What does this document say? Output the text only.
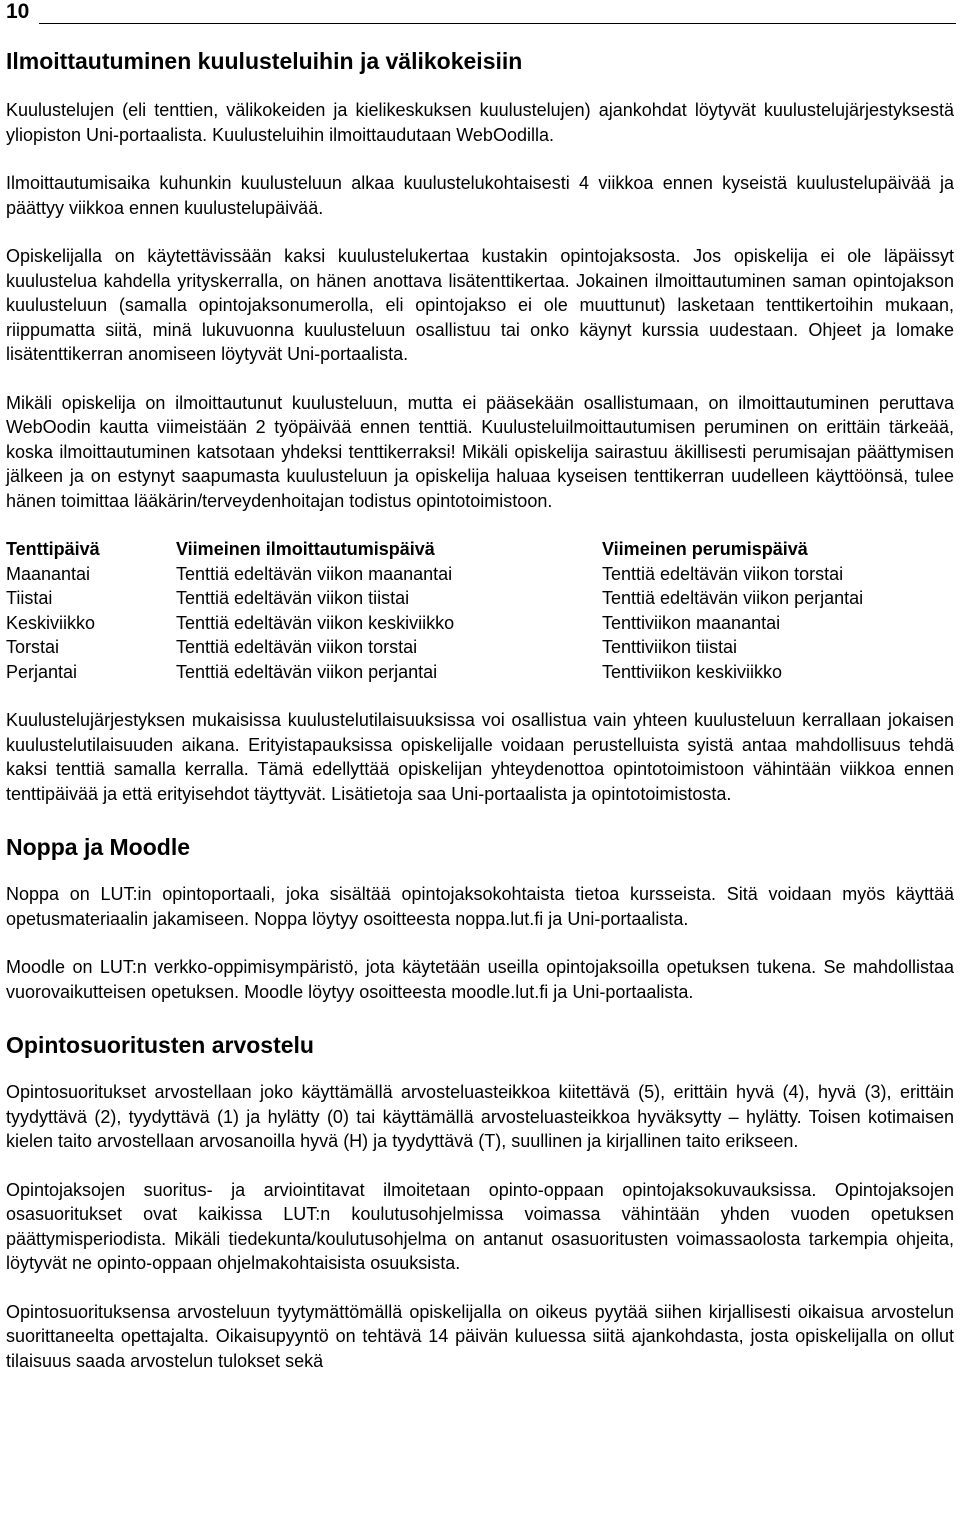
10
Ilmoittautuminen kuulusteluihin ja välikokeisiin

Kuulustelujen (eli tenttien, välikokeiden ja kielikeskuksen kuulustelujen) ajankohdat löytyvät kuulustelujärjestyksestä yliopiston Uni-portaalista. Kuulusteluihin ilmoittaudutaan WebOodilla.

Ilmoittautumisaika kuhunkin kuulusteluun alkaa kuulustelukohtaisesti 4 viikkoa ennen kyseistä kuulustelupäivää ja päättyy viikkoa ennen kuulustelupäivää.

Opiskelijalla on käytettävissään kaksi kuulustelukertaa kustakin opintojaksosta. Jos opiskelija ei ole läpäissyt kuulustelua kahdella yrityskerralla, on hänen anottava lisätenttikertaa. Jokainen ilmoittautuminen saman opintojakson kuulusteluun (samalla opintojaksonumerolla, eli opintojakso ei ole muuttunut) lasketaan tenttikertoihin mukaan, riippumatta siitä, minä lukuvuonna kuulusteluun osallistuu tai onko käynyt kurssia uudestaan. Ohjeet ja lomake lisätenttikerran anomiseen löytyvät Uni-portaalista.

Mikäli opiskelija on ilmoittautunut kuulusteluun, mutta ei pääsekään osallistumaan, on ilmoittautuminen peruttava WebOodin kautta viimeistään 2 työpäivää ennen tenttiä. Kuulusteluilmoittautumisen peruminen on erittäin tärkeää, koska ilmoittautuminen katsotaan yhdeksi tenttikerraksi! Mikäli opiskelija sairastuu äkillisesti perumisajan päättymisen jälkeen ja on estynyt saapumasta kuulusteluun ja opiskelija haluaa kyseisen tenttikerran uudelleen käyttöönsä, tulee hänen toimittaa lääkärin/terveydenhoitajan todistus opintotoimistoon.

Tenttipäivä	Viimeinen ilmoittautumispäivä	Viimeinen perumispäivä
Maanantai	Tenttiä edeltävän viikon maanantai	Tenttiä edeltävän viikon torstai
Tiistai	Tenttiä edeltävän viikon tiistai	Tenttiä edeltävän viikon perjantai
Keskiviikko	Tenttiä edeltävän viikon keskiviikko	Tenttiviikon maanantai
Torstai	Tenttiä edeltävän viikon torstai	Tenttiviikon tiistai
Perjantai	Tenttiä edeltävän viikon perjantai	Tenttiviikon keskiviikko

Kuulustelujärjestyksen mukaisissa kuulustelutilaisuuksissa voi osallistua vain yhteen kuulusteluun kerrallaan jokaisen kuulustelutilaisuuden aikana. Erityistapauksissa opiskelijalle voidaan perustelluista syistä antaa mahdollisuus tehdä kaksi tenttiä samalla kerralla. Tämä edellyttää opiskelijan yhteydenottoa opintotoimistoon vähintään viikkoa ennen tenttipäivää ja että erityisehdot täyttyvät. Lisätietoja saa Uni-portaalista ja opintotoimistosta.

Noppa ja Moodle

Noppa on LUT:in opintoportaali, joka sisältää opintojaksokohtaista tietoa kursseista. Sitä voidaan myös käyttää opetusmateriaalin jakamiseen. Noppa löytyy osoitteesta noppa.lut.fi ja Uni-portaalista.

Moodle on LUT:n verkko-oppimisympäristö, jota käytetään useilla opintojaksoilla opetuksen tukena. Se mahdollistaa vuorovaikutteisen opetuksen. Moodle löytyy osoitteesta moodle.lut.fi ja Uni-portaalista.

Opintosuoritusten arvostelu

Opintosuoritukset arvostellaan joko käyttämällä arvosteluasteikkoa kiitettävä (5), erittäin hyvä (4), hyvä (3), erittäin tyydyttävä (2), tyydyttävä (1) ja hylätty (0) tai käyttämällä arvosteluasteikkoa hyväksytty – hylätty. Toisen kotimaisen kielen taito arvostellaan arvosanoilla hyvä (H) ja tyydyttävä (T), suullinen ja kirjallinen taito erikseen.

Opintojaksojen suoritus- ja arviointitavat ilmoitetaan opinto-oppaan opintojaksokuvauksissa. Opintojaksojen osasuoritukset ovat kaikissa LUT:n koulutusohjelmissa voimassa vähintään yhden vuoden opetuksen päättymisperiodista. Mikäli tiedekunta/koulutusohjelma on antanut osasuoritusten voimassaolosta tarkempia ohjeita, löytyvät ne opinto-oppaan ohjelmakohtaisista osuuksista.

Opintosuorituksensa arvosteluun tyytymättömällä opiskelijalla on oikeus pyytää siihen kirjallisesti oikaisua arvostelun suorittaneelta opettajalta. Oikaisupyyntö on tehtävä 14 päivän kuluessa siitä ajankohdasta, josta opiskelijalla on ollut tilaisuus saada arvostelun tulokset sekä
